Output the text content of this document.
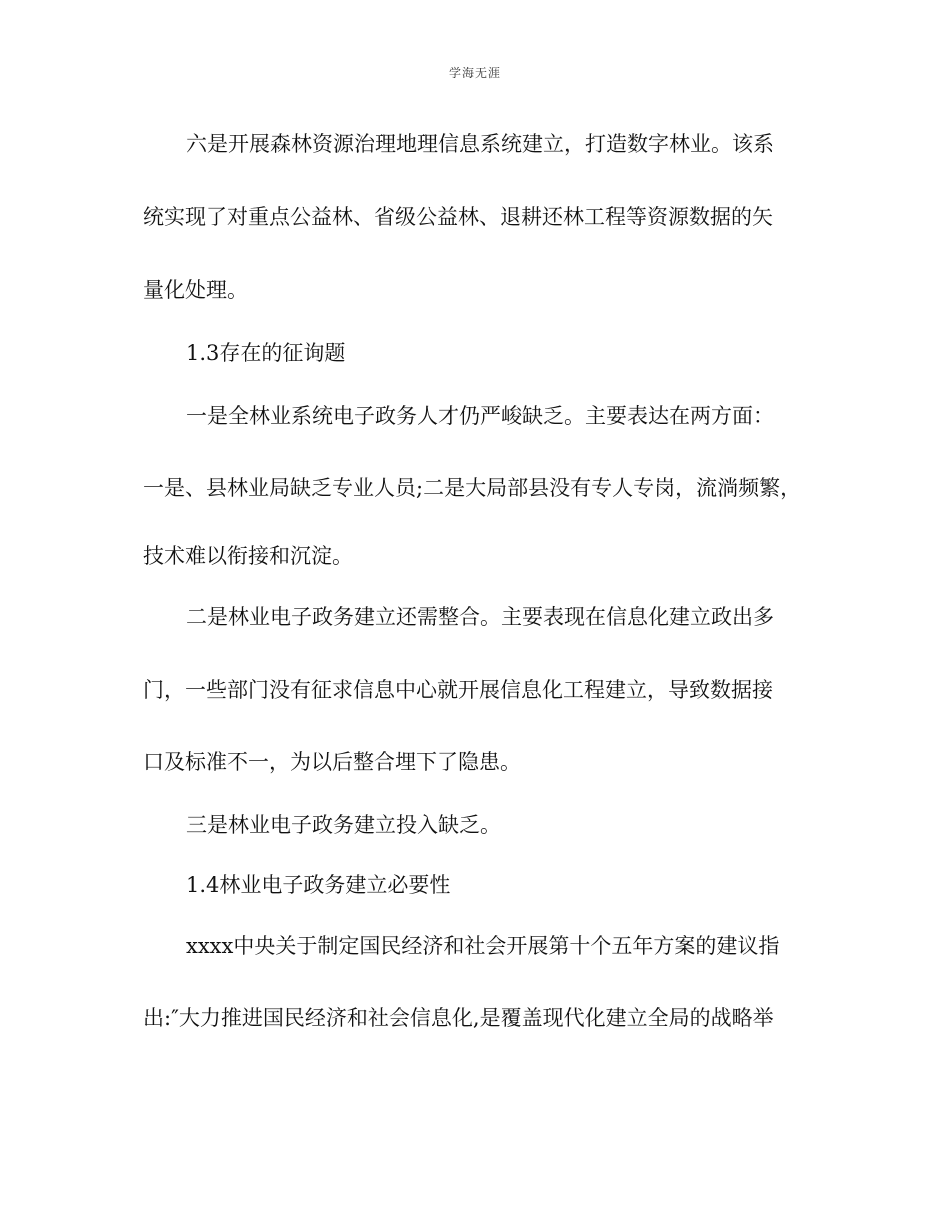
学海无涯
六是开展森林资源治理地理信息系统建立，打造数字林业。该系
统实现了对重点公益林、省级公益林、退耕还林工程等资源数据的矢
量化处理。
1.3存在的征询题
一是全林业系统电子政务人才仍严峻缺乏。主要表达在两方面：
一是、县林业局缺乏专业人员;二是大局部县没有专人专岗，流淌频繁，
技术难以衔接和沉淀。
二是林业电子政务建立还需整合。主要表现在信息化建立政出多
门，一些部门没有征求信息中心就开展信息化工程建立，导致数据接
口及标准不一，为以后整合埋下了隐患。
三是林业电子政务建立投入缺乏。
1.4林业电子政务建立必要性
xxxx中央关于制定国民经济和社会开展第十个五年方案的建议指
出:″大力推进国民经济和社会信息化,是覆盖现代化建立全局的战略举
